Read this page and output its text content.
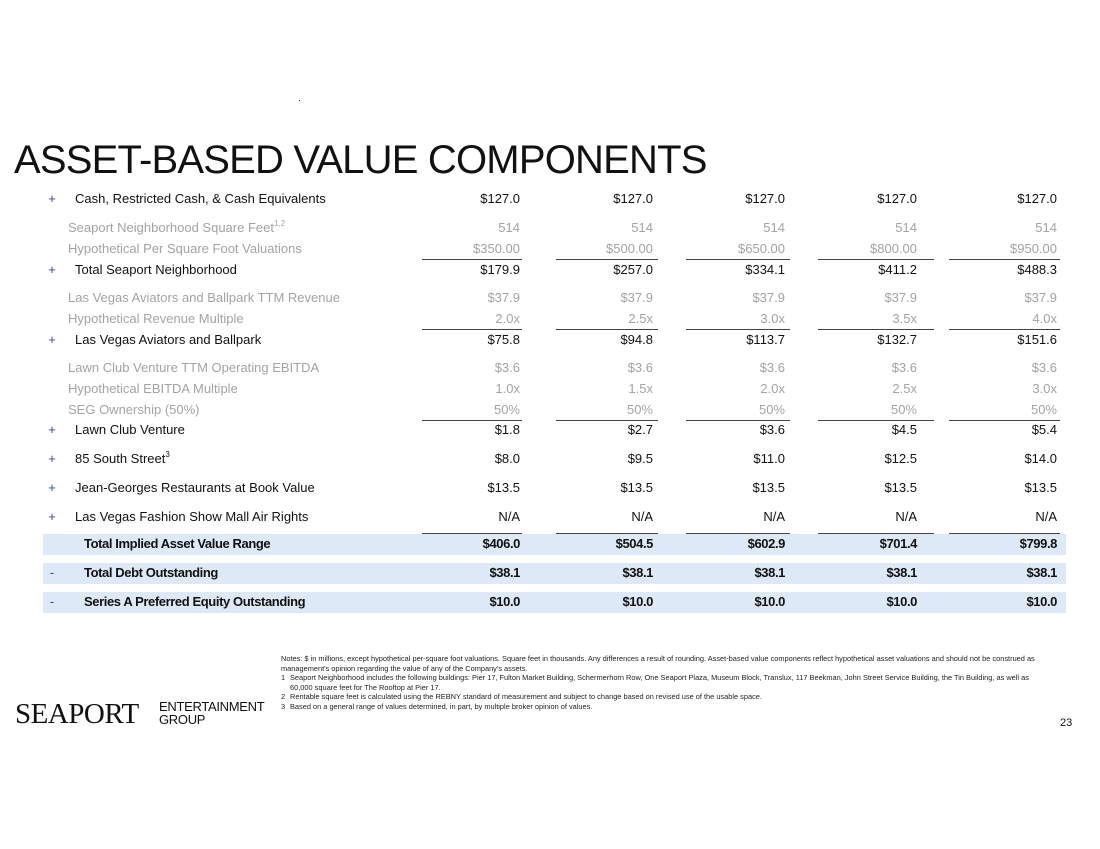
ASSET-BASED VALUE COMPONENTS
+	Cash, Restricted Cash, & Cash Equivalents	$127.0	$127.0	$127.0	$127.0	$127.0
Seaport Neighborhood Square Feet$^{1,2}$	514	514	514	514	514
Hypothetical Per Square Foot Valuations	$350.00	$500.00	$650.00	$800.00	$950.00
+	Total Seaport Neighborhood	$179.9	$257.0	$334.1	$411.2	$488.3
Las Vegas Aviators and Ballpark TTM Revenue	$37.9	$37.9	$37.9	$37.9	$37.9
Hypothetical Revenue Multiple	2.0x	2.5x	3.0x	3.5x	4.0x
+	Las Vegas Aviators and Ballpark	$75.8	$94.8	$113.7	$132.7	$151.6
Lawn Club Venture TTM Operating EBITDA	$3.6	$3.6	$3.6	$3.6	$3.6
Hypothetical EBITDA Multiple	1.0x	1.5x	2.0x	2.5x	3.0x
SEG Ownership (50%)	50%	50%	50%	50%	50%
+	Lawn Club Venture	$1.8	$2.7	$3.6	$4.5	$5.4
+	85 South Street$^3$	$8.0	$9.5	$11.0	$12.5	$14.0
+	Jean-Georges Restaurants at Book Value	$13.5	$13.5	$13.5	$13.5	$13.5
+	Las Vegas Fashion Show Mall Air Rights	N/A	N/A	N/A	N/A	N/A
Total Implied Asset Value Range	$406.0	$504.5	$602.9	$701.4	$799.8
-	Total Debt Outstanding	$38.1	$38.1	$38.1	$38.1	$38.1
-	Series A Preferred Equity Outstanding	$10.0	$10.0	$10.0	$10.0	$10.0
SEAPORT ENTERTAINMENT
GROUP

Notes: $ in millions, except hypothetical per-square foot valuations. Square feet in thousands. Any differences a result of rounding. Asset-based value components reflect hypothetical asset valuations and should not be construed as management's opinion regarding the value of any of the Company's assets.

1 Seaport Neighborhood includes the following buildings: Pier 17, Fulton Market Building, Schermerhorn Row, One Seaport Plaza, Museum Block, Translux, 117 Beekman, John Street Service Building, the Tin Building, as well as 60,000 square feet for The Rooftop at Pier 17.

2 Rentable square feet is calculated using the REBNY standard of measurement and subject to change based on revised use of the usable space.

3 Based on a general range of values determined, in part, by multiple broker opinion of values.

23
